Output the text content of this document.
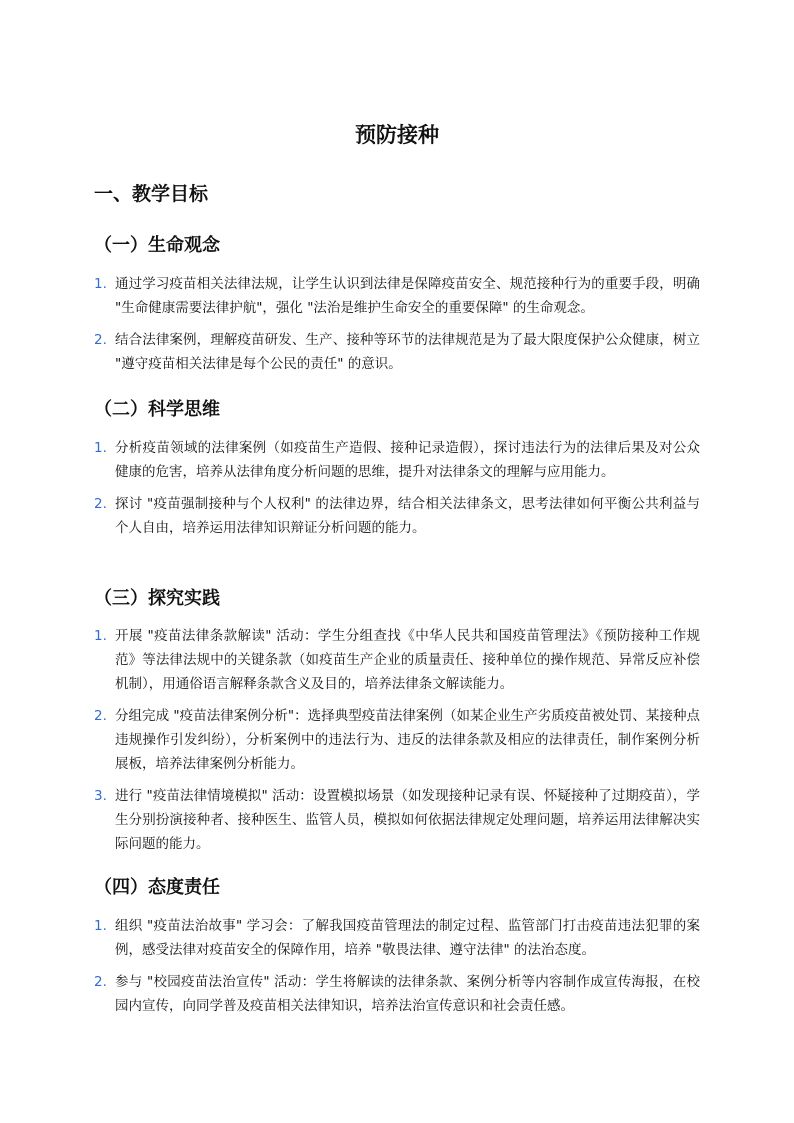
预防接种
一、教学目标
（一）生命观念
1. 通过学习疫苗相关法律法规，让学生认识到法律是保障疫苗安全、规范接种行为的重要手段，明确 "生命健康需要法律护航"，强化 "法治是维护生命安全的重要保障" 的生命观念。
2. 结合法律案例，理解疫苗研发、生产、接种等环节的法律规范是为了最大限度保护公众健康，树立 "遵守疫苗相关法律是每个公民的责任" 的意识。
（二）科学思维
1. 分析疫苗领域的法律案例（如疫苗生产造假、接种记录造假），探讨违法行为的法律后果及对公众健康的危害，培养从法律角度分析问题的思维，提升对法律条文的理解与应用能力。
2. 探讨 "疫苗强制接种与个人权利" 的法律边界，结合相关法律条文，思考法律如何平衡公共利益与个人自由，培养运用法律知识辩证分析问题的能力。
（三）探究实践
1. 开展 "疫苗法律条款解读" 活动：学生分组查找《中华人民共和国疫苗管理法》《预防接种工作规范》等法律法规中的关键条款（如疫苗生产企业的质量责任、接种单位的操作规范、异常反应补偿机制），用通俗语言解释条款含义及目的，培养法律条文解读能力。
2. 分组完成 "疫苗法律案例分析"：选择典型疫苗法律案例（如某企业生产劣质疫苗被处罚、某接种点违规操作引发纠纷），分析案例中的违法行为、违反的法律条款及相应的法律责任，制作案例分析展板，培养法律案例分析能力。
3. 进行 "疫苗法律情境模拟" 活动：设置模拟场景（如发现接种记录有误、怀疑接种了过期疫苗），学生分别扮演接种者、接种医生、监管人员，模拟如何依据法律规定处理问题，培养运用法律解决实际问题的能力。
（四）态度责任
1. 组织 "疫苗法治故事" 学习会：了解我国疫苗管理法的制定过程、监管部门打击疫苗违法犯罪的案例，感受法律对疫苗安全的保障作用，培养 "敬畏法律、遵守法律" 的法治态度。
2. 参与 "校园疫苗法治宣传" 活动：学生将解读的法律条款、案例分析等内容制作成宣传海报，在校园内宣传，向同学普及疫苗相关法律知识，培养法治宣传意识和社会责任感。
